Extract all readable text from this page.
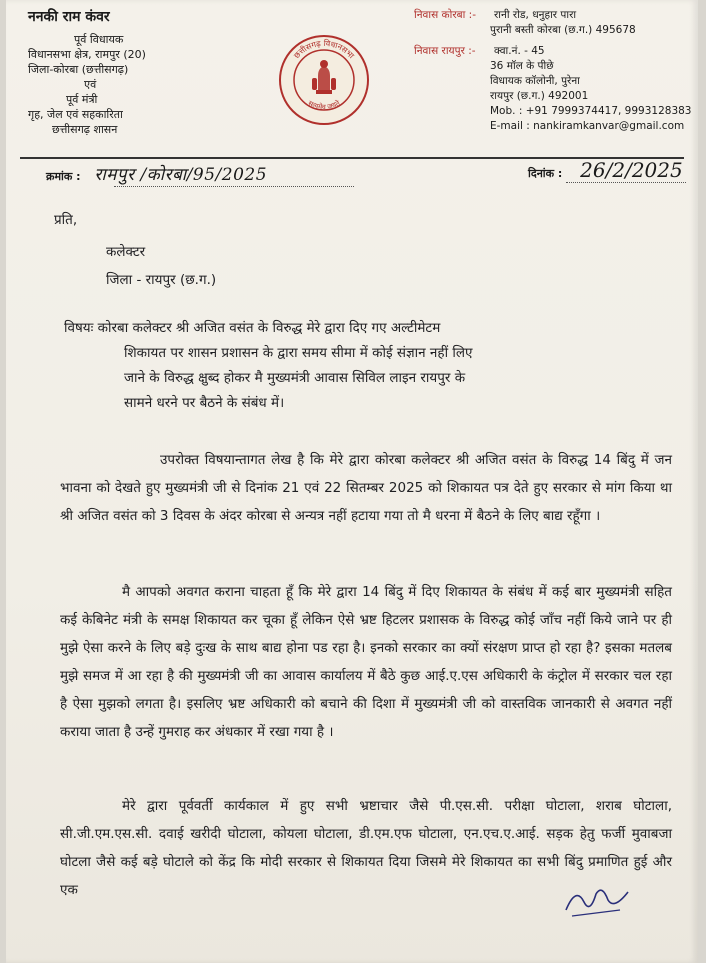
ननकी राम कंवर
पूर्व विधायक
विधानसभा क्षेत्र, रामपुर (20)
जिला-कोरबा (छत्तीसगढ़)
एवं
पूर्व मंत्री
गृह, जेल एवं सहकारिता
छत्तीसगढ़ शासन
छत्तीसगढ़ विधानसभा
सत्यमेव जयते
निवास कोरबा :-	रानी रोड, धनुहार पारा
पुरानी बस्ती कोरबा (छ.ग.) 495678
निवास रायपुर :-	क्वा.नं. - 45
36 मॉल के पीछे
विधायक कॉलोनी, पुरेना
रायपुर (छ.ग.) 492001
Mob. : +91 7999374417, 9993128383
E-mail : nankiramkanvar@gmail.com
क्रमांक : रामपुर /कोरबा/95/2025	दिनांक : 26/2/2025
प्रति,
कलेक्टर
जिला - रायपुर (छ.ग.)
विषयः कोरबा कलेक्टर श्री अजित वसंत के विरुद्ध मेरे द्वारा दिए गए अल्टीमेटम
शिकायत पर शासन प्रशासन के द्वारा समय सीमा में कोई संज्ञान नहीं लिए
जाने के विरुद्ध क्षुब्द होकर मै मुख्यमंत्री आवास सिविल लाइन रायपुर के
सामने धरने पर बैठने के संबंध में।
उपरोक्त विषयान्तागत लेख है कि मेरे द्वारा कोरबा कलेक्टर श्री अजित वसंत के विरुद्ध 14 बिंदु में जन भावना को देखते हुए मुख्यमंत्री जी से दिनांक 21 एवं 22 सितम्बर 2025 को शिकायत पत्र देते हुए सरकार से मांग किया था श्री अजित वसंत को 3 दिवस के अंदर कोरबा से अन्यत्र नहीं हटाया गया तो मै धरना में बैठने के लिए बाद्य रहूँगा ।
मै आपको अवगत कराना चाहता हूँ कि मेरे द्वारा 14 बिंदु में दिए शिकायत के संबंध में कई बार मुख्यमंत्री सहित कई केबिनेट मंत्री के समक्ष शिकायत कर चूका हूँ लेकिन ऐसे भ्रष्ट हिटलर प्रशासक के विरुद्ध कोई जाँच नहीं किये जाने पर ही मुझे ऐसा करने के लिए बड़े दुःख के साथ बाद्य होना पड रहा है। इनको सरकार का क्यों संरक्षण प्राप्त हो रहा है? इसका मतलब मुझे समज में आ रहा है की मुख्यमंत्री जी का आवास कार्यालय में बैठे कुछ आई.ए.एस अधिकारी के कंट्रोल में सरकार चल रहा है ऐसा मुझको लगता है। इसलिए भ्रष्ट अधिकारी को बचाने की दिशा में मुख्यमंत्री जी को वास्तविक जानकारी से अवगत नहीं कराया जाता है उन्हें गुमराह कर अंधकार में रखा गया है ।
मेरे द्वारा पूर्ववर्ती कार्यकाल में हुए सभी भ्रष्टाचार जैसे पी.एस.सी. परीक्षा घोटाला, शराब घोटाला, सी.जी.एम.एस.सी. दवाई खरीदी घोटाला, कोयला घोटाला, डी.एम.एफ घोटाला, एन.एच.ए.आई. सड़क हेतु फर्जी मुवाबजा घोटला जैसे कई बड़े घोटाले को केंद्र कि मोदी सरकार से शिकायत दिया जिसमे मेरे शिकायत का सभी बिंदु प्रमाणित हुई और एक
